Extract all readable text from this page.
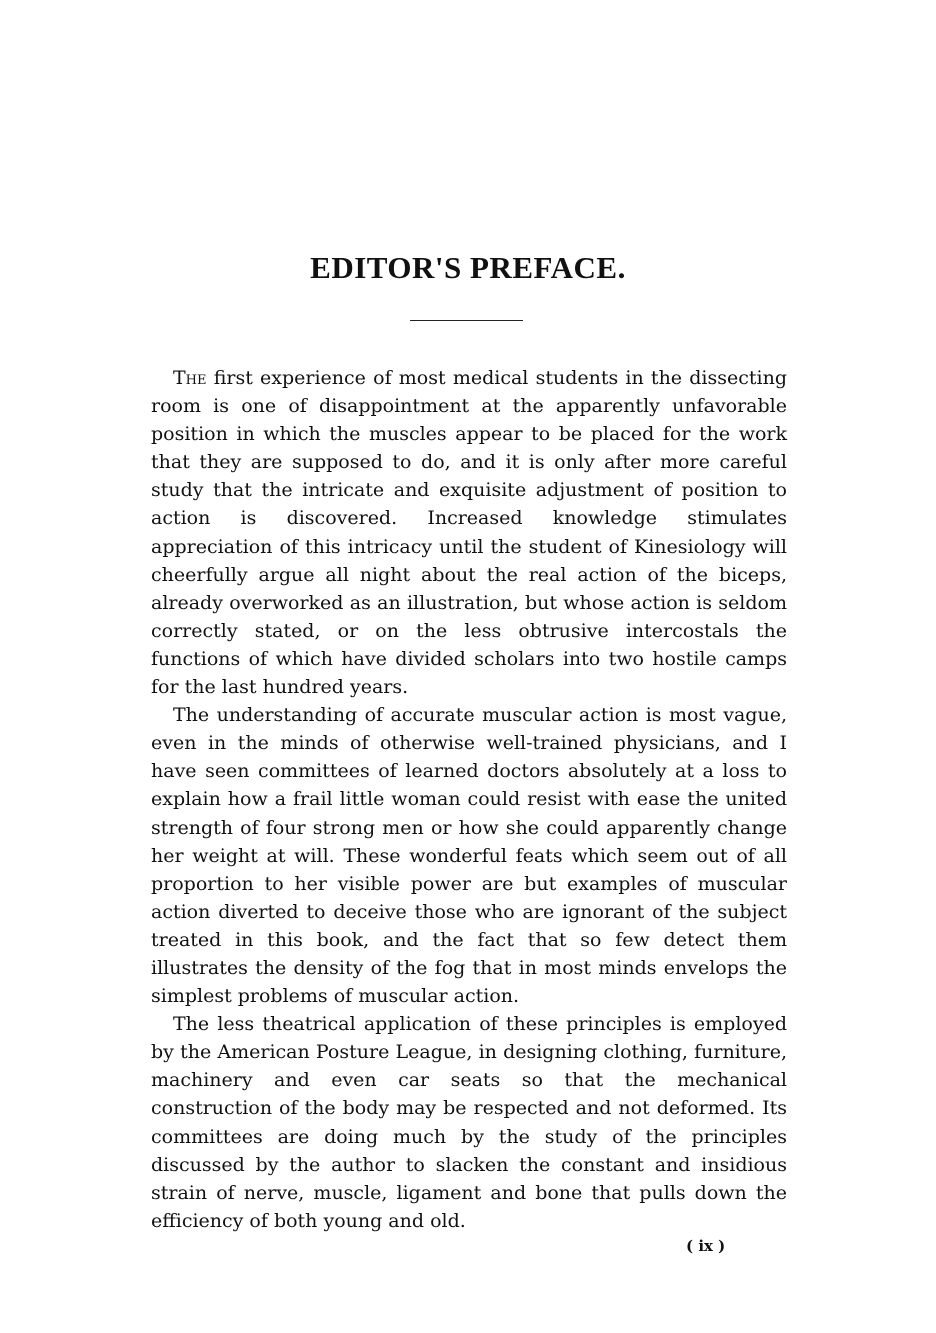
EDITOR'S PREFACE.

The first experience of most medical students in the dissecting room is one of disappointment at the apparently unfavorable position in which the muscles appear to be placed for the work that they are supposed to do, and it is only after more careful study that the intricate and exquisite adjustment of position to action is discovered. Increased knowledge stimulates appreciation of this intricacy until the student of Kinesiology will cheerfully argue all night about the real action of the biceps, already overworked as an illustration, but whose action is seldom correctly stated, or on the less obtrusive intercostals the functions of which have divided scholars into two hostile camps for the last hundred years.

The understanding of accurate muscular action is most vague, even in the minds of otherwise well-trained physicians, and I have seen committees of learned doctors absolutely at a loss to explain how a frail little woman could resist with ease the united strength of four strong men or how she could apparently change her weight at will. These wonderful feats which seem out of all proportion to her visible power are but examples of muscular action diverted to deceive those who are ignorant of the subject treated in this book, and the fact that so few detect them illustrates the density of the fog that in most minds envelops the simplest problems of muscular action.

The less theatrical application of these principles is employed by the American Posture League, in designing clothing, furniture, machinery and even car seats so that the mechanical construction of the body may be respected and not deformed. Its committees are doing much by the study of the principles discussed by the author to slacken the constant and insidious strain of nerve, muscle, ligament and bone that pulls down the efficiency of both young and old.

( ix )
